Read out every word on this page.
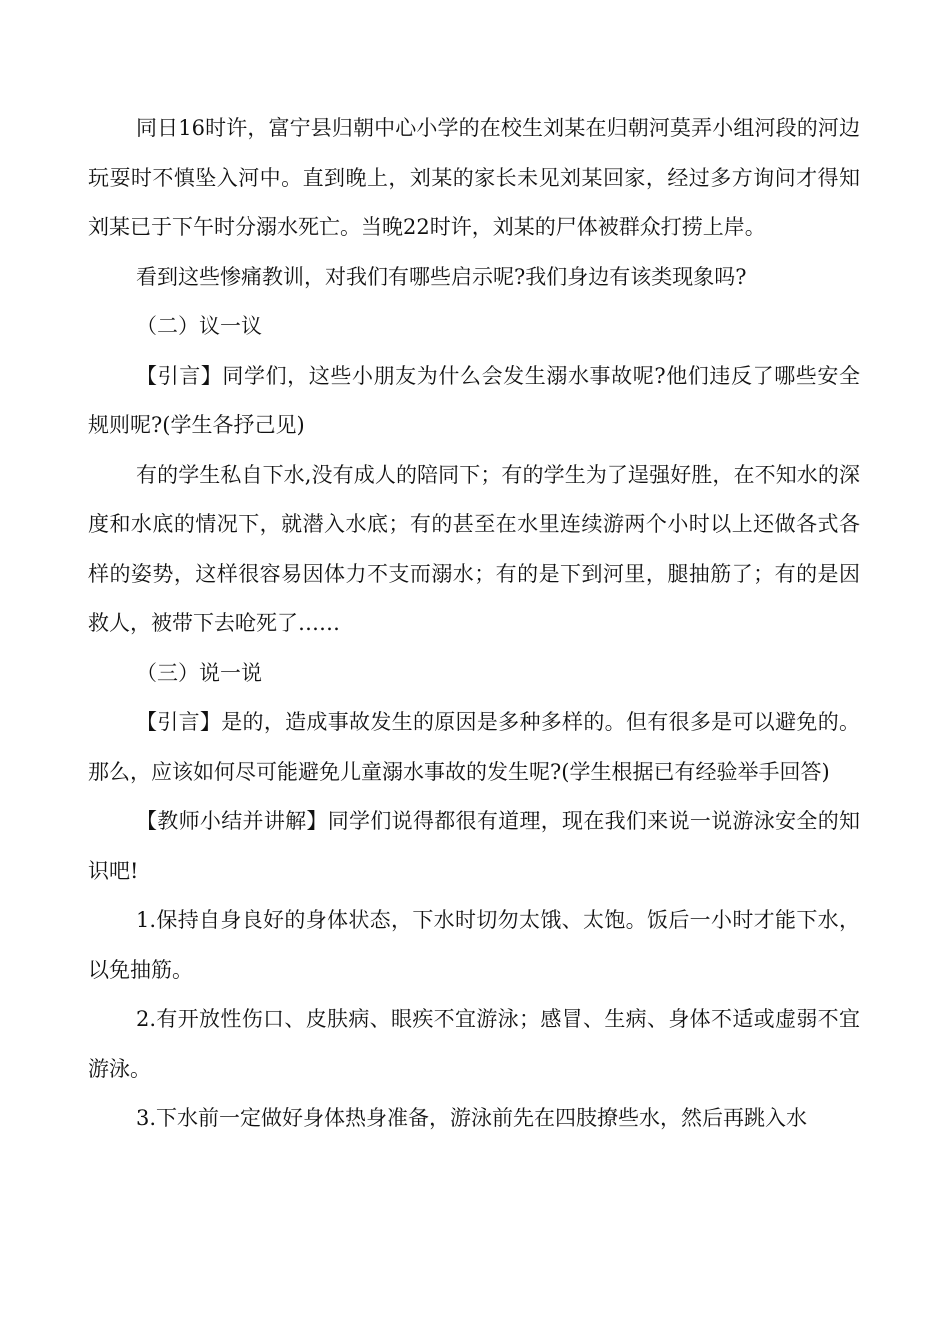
同日16时许，富宁县归朝中心小学的在校生刘某在归朝河莫弄小组河段的河边玩耍时不慎坠入河中。直到晚上，刘某的家长未见刘某回家，经过多方询问才得知刘某已于下午时分溺水死亡。当晚22时许，刘某的尸体被群众打捞上岸。

看到这些惨痛教训，对我们有哪些启示呢?我们身边有该类现象吗?

（二）议一议

【引言】同学们，这些小朋友为什么会发生溺水事故呢?他们违反了哪些安全规则呢?(学生各抒己见)

有的学生私自下水,没有成人的陪同下；有的学生为了逞强好胜，在不知水的深度和水底的情况下，就潜入水底；有的甚至在水里连续游两个小时以上还做各式各样的姿势，这样很容易因体力不支而溺水；有的是下到河里，腿抽筋了；有的是因救人，被带下去呛死了……

（三）说一说

【引言】是的，造成事故发生的原因是多种多样的。但有很多是可以避免的。 那么，应该如何尽可能避免儿童溺水事故的发生呢?(学生根据已有经验举手回答)

【教师小结并讲解】同学们说得都很有道理，现在我们来说一说游泳安全的知识吧!

1.保持自身良好的身体状态，下水时切勿太饿、太饱。饭后一小时才能下水，以免抽筋。

2.有开放性伤口、皮肤病、眼疾不宜游泳；感冒、生病、身体不适或虚弱不宜游泳。

3.下水前一定做好身体热身准备，游泳前先在四肢撩些水，然后再跳入水
